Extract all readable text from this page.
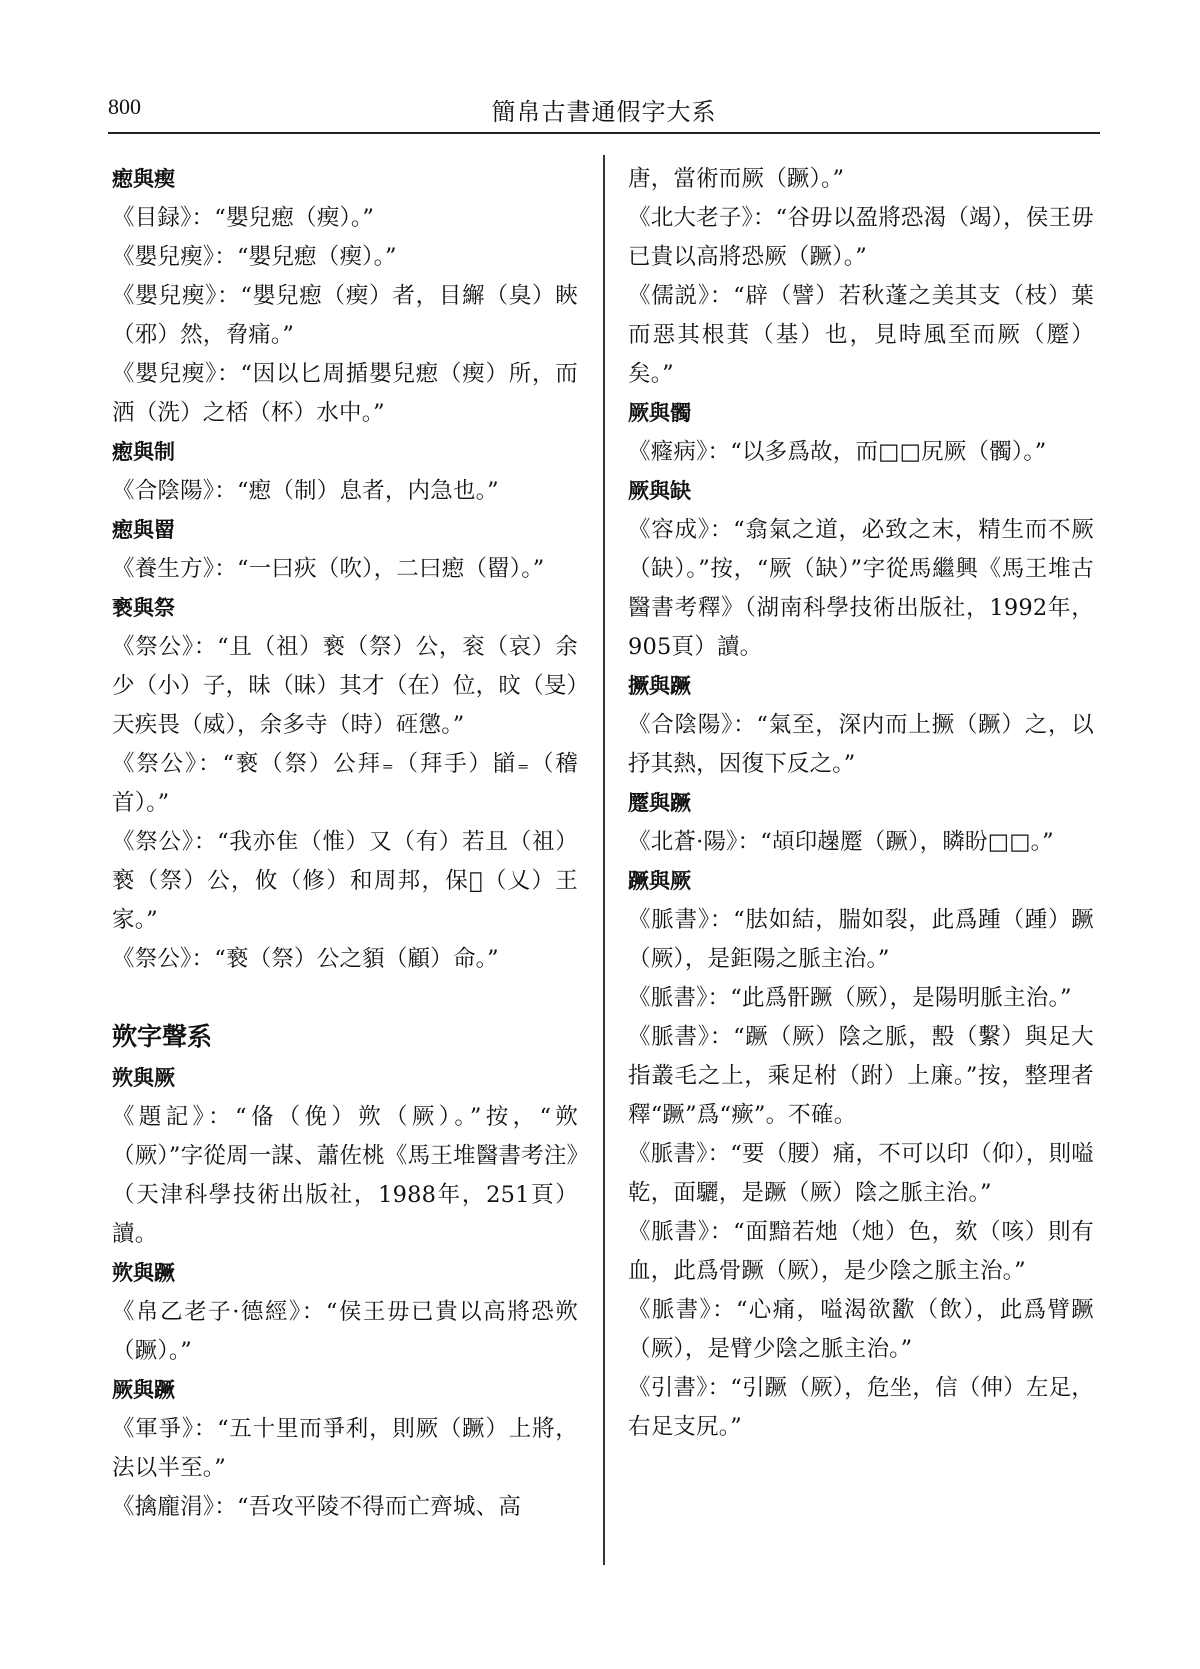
800	簡帛古書通假字大系
瘛與瘈
《目録》：“嬰兒瘛（瘈）。”
《嬰兒瘈》：“嬰兒瘛（瘈）。”
《嬰兒瘈》：“嬰兒瘛（瘈）者，目繲（臭）䀹（邪）然，脅痛。”
《嬰兒瘈》：“因以匕周揗嬰兒瘛（瘈）所，而洒（洗）之桮（杯）水中。”
瘛與制
《合陰陽》：“瘛（制）息者，内急也。”
瘛與罶
《養生方》：“一曰疢（吹），二曰瘛（罶）。”
䙝與祭
《祭公》：“且（祖）䙝（祭）公，衮（哀）余少（小）子，昧（昧）其才（在）位，旼（旻）天疾畏（威），余多寺（時）𥒑懲。”
《祭公》：“䙝（祭）公拜₌（拜手）䭫₌（稽首）。”
《祭公》：“我亦隹（惟）又（有）若且（祖）䙝（祭）公，攸（修）和周邦，保𡧴（乂）王家。”
《祭公》：“䙝（祭）公之䫉（顧）命。”
欮字聲系
欮與厥
《題記》：“俻（俛）欮（厥）。”按，“欮（厥）”字從周一謀、蕭佐桃《馬王堆醫書考注》（天津科學技術出版社，1988年，251頁）讀。
欮與蹶
《帛乙老子·德經》：“侯王毋已貴以高將恐欮（蹶）。”
厥與蹶
《軍爭》：“五十里而爭利，則厥（蹶）上將，法以半至。”
《擒龐涓》：“吾攻平陵不得而亡齊城、高
唐，當術而厥（蹶）。”
《北大老子》：“谷毋以盈將恐渴（竭），侯王毋已貴以高將恐厥（蹶）。”
《儒説》：“辟（譬）若秋蓬之美其支（枝）葉而惡其根萁（基）也，見時風至而厥（蹷）矣。”
厥與髑
《癃病》：“以多爲故，而□□尻厥（髑）。”
厥與缺
《容成》：“翕氣之道，必致之末，精生而不厥（缺）。”按，“厥（缺）”字從馬繼興《馬王堆古醫書考釋》（湖南科學技術出版社，1992年，905頁）讀。
撅與蹶
《合陰陽》：“氣至，深内而上撅（蹶）之，以抒其熱，因復下反之。”
蹷與蹶
《北蒼·陽》：“𩑶印趮蹷（蹶），瞵盼□□。”
蹶與厥
《脈書》：“胠如結，腨如裂，此爲踵（踵）蹶（厥），是鉅陽之脈主治。”
《脈書》：“此爲骭蹶（厥），是陽明脈主治。”
《脈書》：“蹶（厥）陰之脈，毄（繫）與足大指叢毛之上，乘足柎（跗）上廉。”按，整理者釋“蹶”爲“瘚”。不確。
《脈書》：“要（腰）痛，不可以印（仰），則嗌乾，面驪，是蹶（厥）陰之脈主治。”
《脈書》：“面黯若灺（灺）色，欬（咳）則有血，此爲骨蹶（厥），是少陰之脈主治。”
《脈書》：“心痛，嗌渴欲歠（飲），此爲臂蹶（厥），是臂少陰之脈主治。”
《引書》：“引蹶（厥），危坐，信（伸）左足，右足支尻。”
